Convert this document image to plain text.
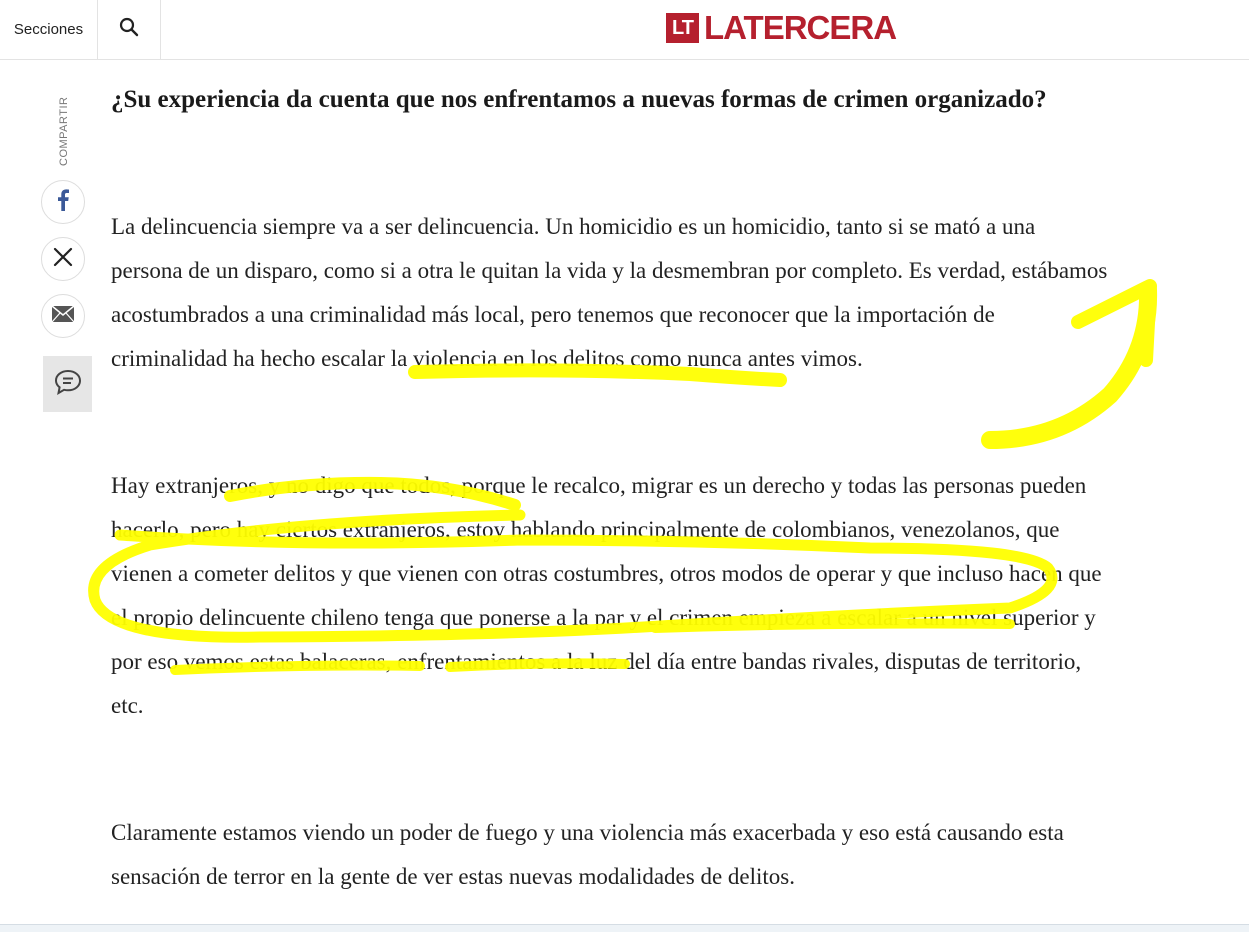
Secciones	LT LATERCERA
COMPARTIR ¿Su experiencia da cuenta que nos enfrentamos a nuevas formas de crimen organizado?

La delincuencia siempre va a ser delincuencia. Un homicidio es un homicidio, tanto si se mató a una persona de un disparo, como si a otra le quitan la vida y la desmembran por completo. Es verdad, estábamos acostumbrados a una criminalidad más local, pero tenemos que reconocer que la importación de criminalidad ha hecho escalar la violencia en los delitos como nunca antes vimos.

Hay extranjeros, y no digo que todos, porque le recalco, migrar es un derecho y todas las personas pueden hacerlo, pero hay ciertos extranjeros, estoy hablando principalmente de colombianos, venezolanos, que vienen a cometer delitos y que vienen con otras costumbres, otros modos de operar y que incluso hacen que el propio delincuente chileno tenga que ponerse a la par y el crimen empieza a escalar a un nivel superior y por eso vemos estas balaceras, enfrentamientos a la luz del día entre bandas rivales, disputas de territorio, etc.

Claramente estamos viendo un poder de fuego y una violencia más exacerbada y eso está causando esta sensación de terror en la gente de ver estas nuevas modalidades de delitos.
